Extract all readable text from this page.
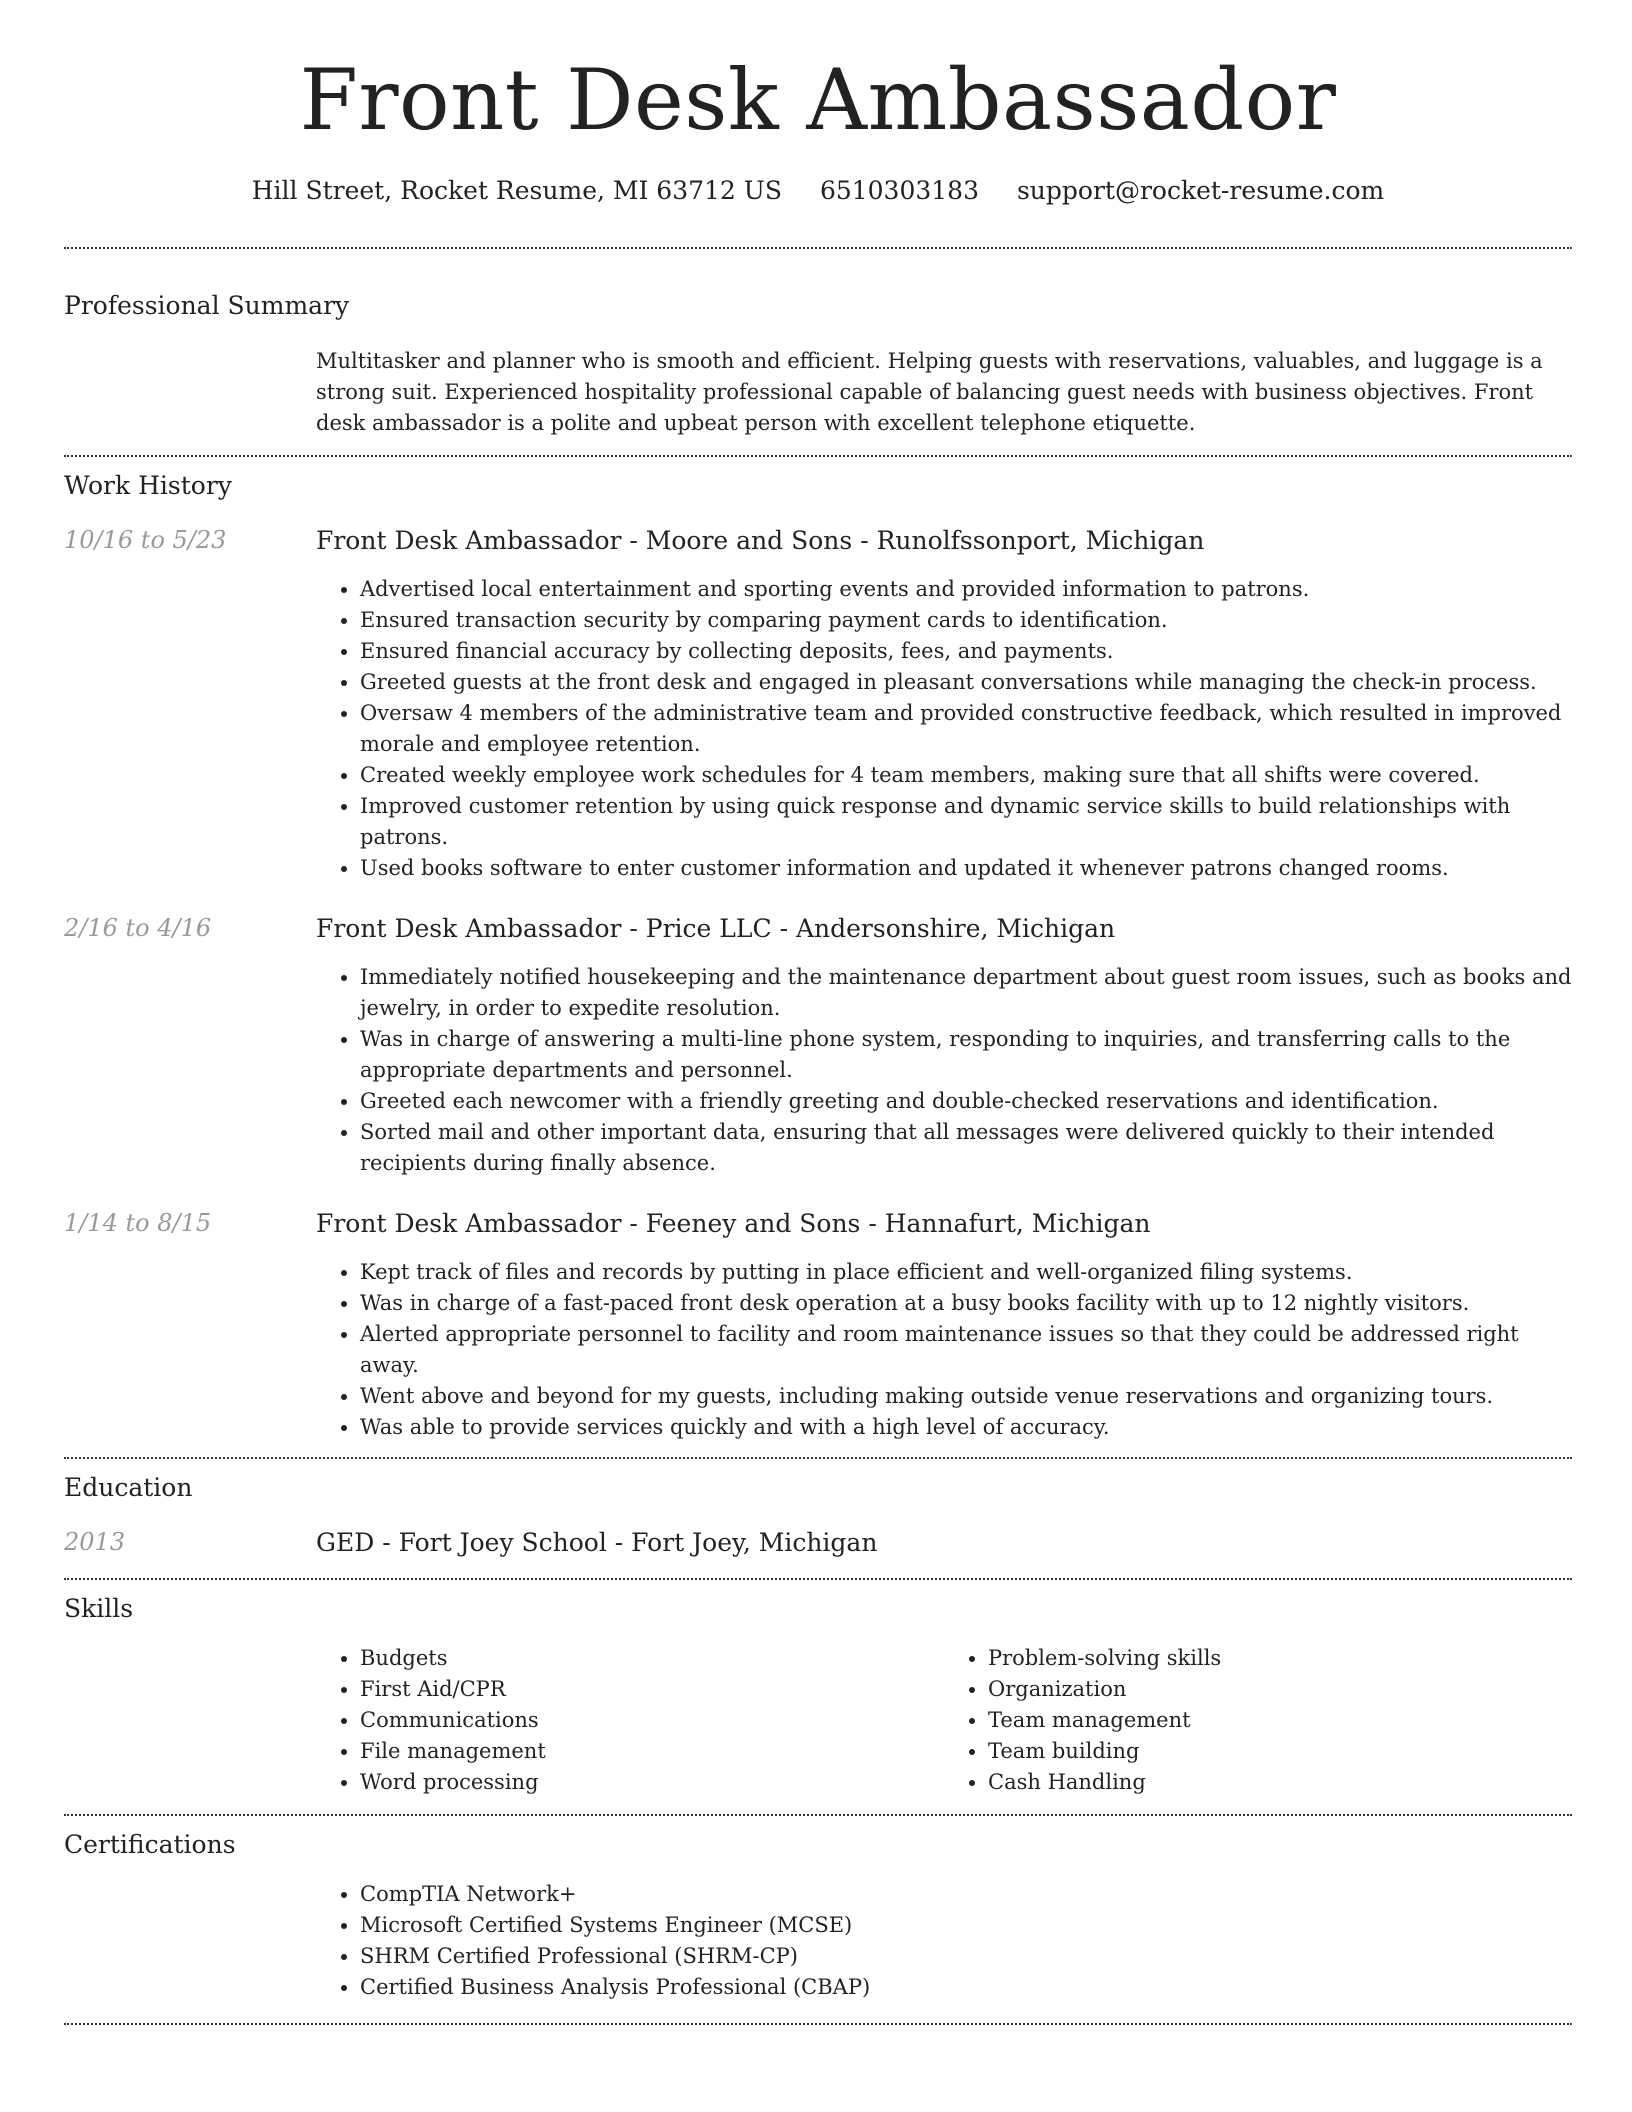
Front Desk Ambassador
Hill Street, Rocket Resume, MI 63712 US 6510303183 support@rocket-resume.com
Professional Summary
Multitasker and planner who is smooth and efficient. Helping guests with reservations, valuables, and luggage is a strong suit. Experienced hospitality professional capable of balancing guest needs with business objectives. Front desk ambassador is a polite and upbeat person with excellent telephone etiquette.
Work History
10/16 to 5/23	Front Desk Ambassador - Moore and Sons - Runolfssonport, Michigan
• Advertised local entertainment and sporting events and provided information to patrons.
• Ensured transaction security by comparing payment cards to identification.
• Ensured financial accuracy by collecting deposits, fees, and payments.
• Greeted guests at the front desk and engaged in pleasant conversations while managing the check-in process.
• Oversaw 4 members of the administrative team and provided constructive feedback, which resulted in improved morale and employee retention.
• Created weekly employee work schedules for 4 team members, making sure that all shifts were covered.
• Improved customer retention by using quick response and dynamic service skills to build relationships with patrons.
• Used books software to enter customer information and updated it whenever patrons changed rooms.
2/16 to 4/16	Front Desk Ambassador - Price LLC - Andersonshire, Michigan
• Immediately notified housekeeping and the maintenance department about guest room issues, such as books and jewelry, in order to expedite resolution.
• Was in charge of answering a multi-line phone system, responding to inquiries, and transferring calls to the appropriate departments and personnel.
• Greeted each newcomer with a friendly greeting and double-checked reservations and identification.
• Sorted mail and other important data, ensuring that all messages were delivered quickly to their intended recipients during finally absence.
1/14 to 8/15	Front Desk Ambassador - Feeney and Sons - Hannafurt, Michigan
• Kept track of files and records by putting in place efficient and well-organized filing systems.
• Was in charge of a fast-paced front desk operation at a busy books facility with up to 12 nightly visitors.
• Alerted appropriate personnel to facility and room maintenance issues so that they could be addressed right away.
• Went above and beyond for my guests, including making outside venue reservations and organizing tours.
• Was able to provide services quickly and with a high level of accuracy.
Education
2013	GED - Fort Joey School - Fort Joey, Michigan
Skills
• Budgets
• First Aid/CPR
• Communications
• File management
• Word processing
• Problem-solving skills
• Organization
• Team management
• Team building
• Cash Handling
Certifications
• CompTIA Network+
• Microsoft Certified Systems Engineer (MCSE)
• SHRM Certified Professional (SHRM-CP)
• Certified Business Analysis Professional (CBAP)
